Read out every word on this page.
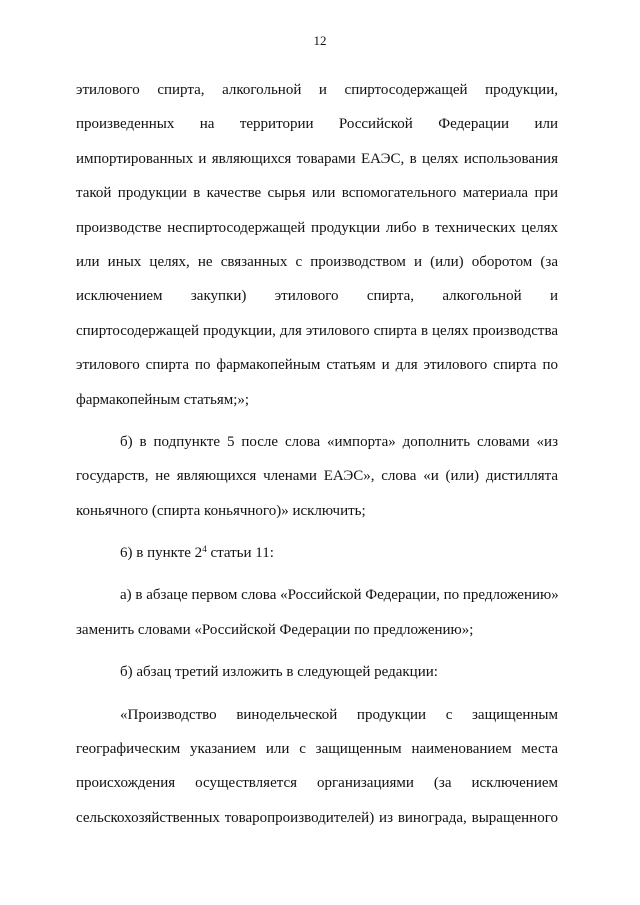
12
этилового спирта, алкогольной и спиртосодержащей продукции,
произведенных на территории Российской Федерации или
импортированных и являющихся товарами ЕАЭС, в целях использования
такой продукции в качестве сырья или вспомогательного материала при
производстве неспиртосодержащей продукции либо в технических целях
или иных целях, не связанных с производством и (или) оборотом (за
исключением закупки) этилового спирта, алкогольной и
спиртосодержащей продукции, для этилового спирта в целях производства
этилового спирта по фармакопейным статьям и для этилового спирта по
фармакопейным статьям;»;
б) в подпункте 5 после слова «импорта» дополнить словами «из
государств, не являющихся членами ЕАЭС», слова «и (или) дистиллята
коньячного (спирта коньячного)» исключить;
6) в пункте $2^4$ статьи 11:
а) в абзаце первом слова «Российской Федерации, по предложению»
заменить словами «Российской Федерации по предложению»;
б) абзац третий изложить в следующей редакции:
«Производство винодельческой продукции с защищенным
географическим указанием или с защищенным наименованием места
происхождения осуществляется организациями (за исключением
сельскохозяйственных товаропроизводителей) из винограда, выращенного
